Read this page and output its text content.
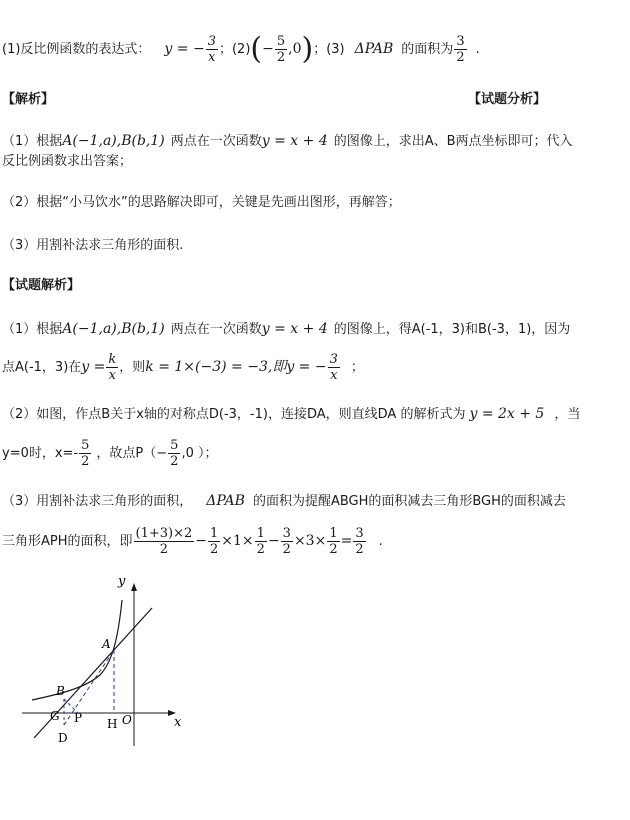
(1)反比例函数的表达式： y = − $\frac{3}{x}$ ；$(2)(- \frac{5}{2} ,0)$；(3) ΔPAB 的面积为 $\frac{3}{2}$ .
【解析】	【试题分析】
（1）根据A(−1,a),B(b,1) 两点在一次函数y = x + 4 的图像上，求出A、B两点坐标即可；代入
反比例函数求出答案；
（2）根据“小马饮水”的思路解决即可，关键是先画出图形，再解答；
（3）用割补法求三角形的面积.
【试题解析】
（1）根据A(−1,a),B(b,1) 两点在一次函数y = x + 4 的图像上，得A(-1，3)和B(-3，1)，因为
点A(-1，3)在$y = \frac{k}{x}$ ，则k = 1×(−3) = −3,即y = − $\frac{3}{x}$ ；
（2）如图，作点B关于x轴的对称点D(-3，-1)，连接DA，则直线DA 的解析式为 y = 2x + 5 ，当
y=0时，$x=- \frac{5}{2}$ ，故点$P(- \frac{5}{2} ,0$ ）；
（3）用割补法求三角形的面积， ΔPAB 的面积为提醒ABGH的面积减去三角形BGH的面积减去
三角形APH的面积，即 $\frac{(1+3)\times 2}{2} - \frac{1}{2} \times 1\times \frac{1}{2} - \frac{3}{2} \times 3\times \frac{1}{2} = \frac{3}{2}$ .
y
x
A
B
G P H O
D
